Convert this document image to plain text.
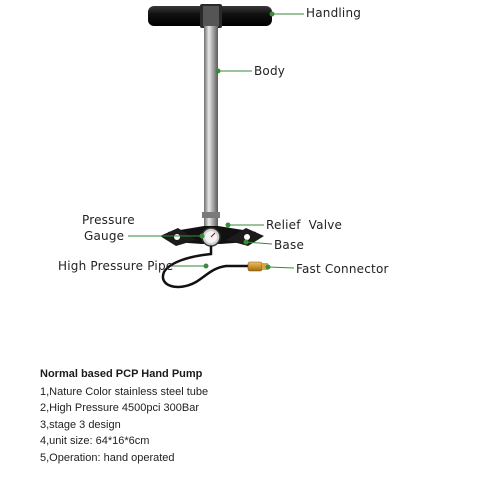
Handling
Body
Pressure
Gauge
Relief  Valve
Base
High Pressure Pipe	Fast Connector
Normal based PCP Hand Pump
1,Nature Color stainless steel tube
2,High Pressure 4500pci 300Bar
3,stage 3 design
4,unit size: 64*16*6cm
5,Operation: hand operated
